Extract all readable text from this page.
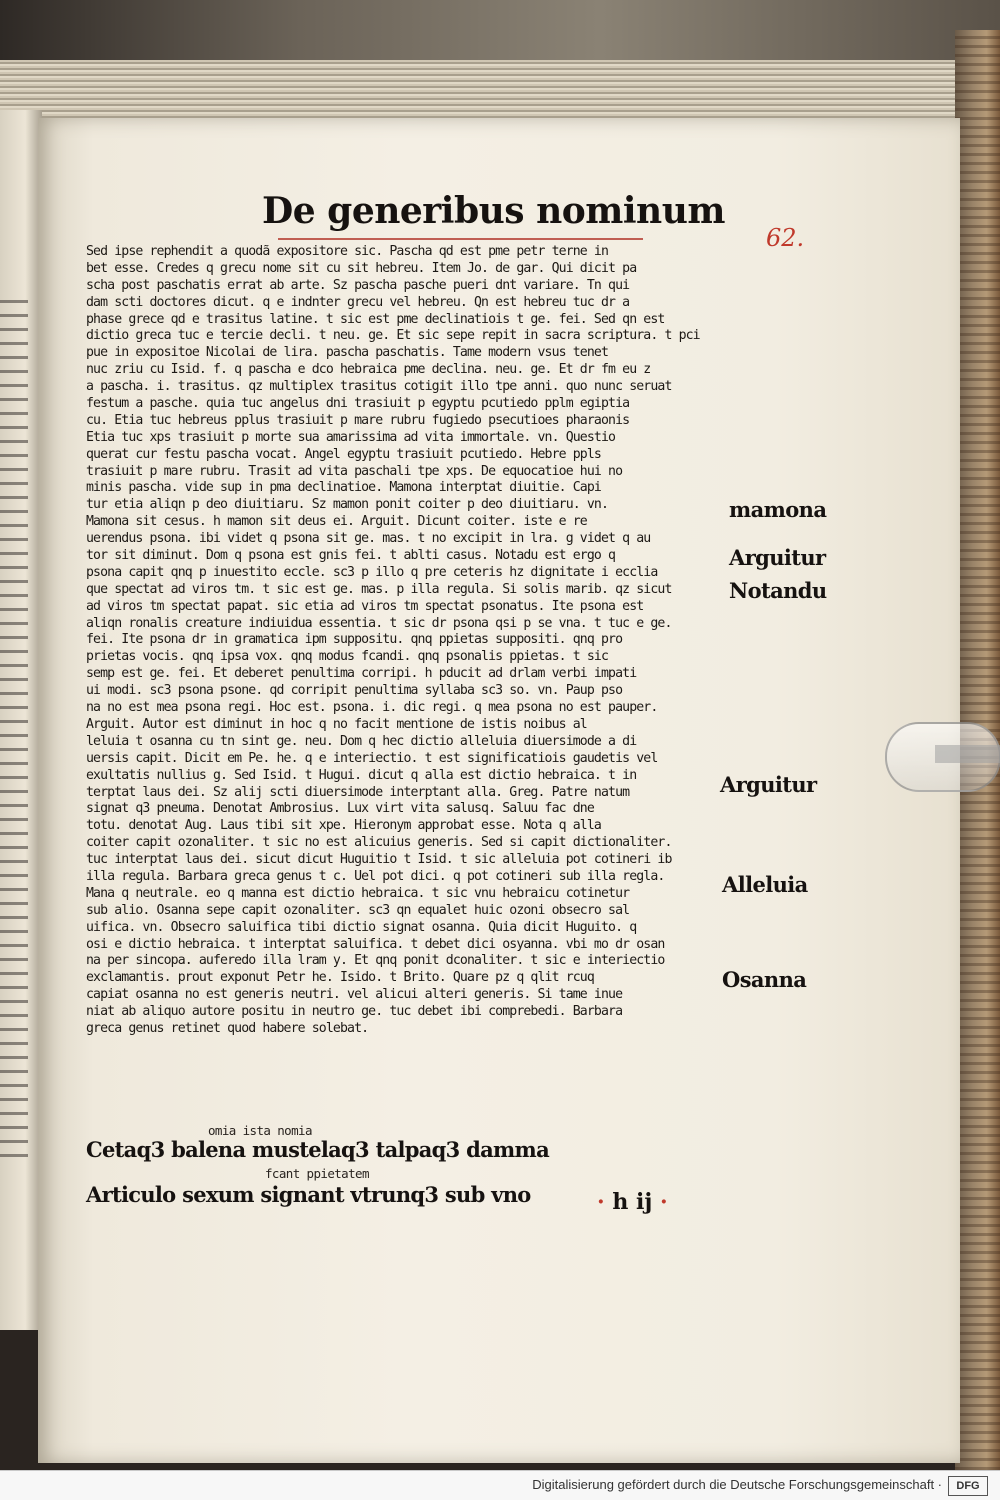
De generibus nominum
62.
Sed ipse rephendit a quodã expositore sic. Pascha qd est pme petr terne in
bet esse. Credes q grecu nome sit cu sit hebreu. Item Jo. de gar. Qui dicit pa
scha post paschatis errat ab arte. Sz pascha pasche pueri dnt variare. Tn qui
dam scti doctores dicut. q e indnter grecu vel hebreu. Qn est hebreu tuc dr a
phase grece qd e trasitus latine. t sic est pme declinatiois t ge. fei. Sed qn est
dictio greca tuc e tercie decli. t neu. ge. Et sic sepe repit in sacra scriptura. t pci
pue in expositoe Nicolai de lira. pascha paschatis. Tame modern vsus tenet
nuc zriu cu Isid. f. q pascha e dco hebraica pme declina. neu. ge. Et dr fm eu z
a pascha. i. trasitus. qz multiplex trasitus cotigit illo tpe anni. quo nunc seruat
festum a pasche. quia tuc angelus dni trasiuit p egyptu pcutiedo pplm egiptia
cu. Etia tuc hebreus pplus trasiuit p mare rubru fugiedo psecutioes pharaonis
Etia tuc xps trasiuit p morte sua amarissima ad vita immortale. vn. Questio
querat cur festu pascha vocat. Angel egyptu trasiuit pcutiedo. Hebre ppls
trasiuit p mare rubru. Trasit ad vita paschali tpe xps. De equocatioe hui no
minis pascha. vide sup in pma declinatioe. Mamona interptat diuitie. Capi
tur etia aliqn p deo diuitiaru. Sz mamon ponit coiter p deo diuitiaru. vn.
Mamona sit cesus. h mamon sit deus ei. Arguit. Dicunt coiter. iste e re
uerendus psona. ibi videt q psona sit ge. mas. t no excipit in lra. g videt q au
tor sit diminut. Dom q psona est gnis fei. t ablti casus. Notadu est ergo q
psona capit qnq p inuestito eccle. sc3 p illo q pre ceteris hz dignitate i ecclia
que spectat ad viros tm. t sic est ge. mas. p illa regula. Si solis marib. qz sicut
ad viros tm spectat papat. sic etia ad viros tm spectat psonatus. Ite psona est
aliqn ronalis creature indiuidua essentia. t sic dr psona qsi p se vna. t tuc e ge.
fei. Ite psona dr in gramatica ipm suppositu. qnq ppietas suppositi. qnq pro
prietas vocis. qnq ipsa vox. qnq modus fcandi. qnq psonalis ppietas. t sic
semp est ge. fei. Et deberet penultima corripi. h pducit ad drlam verbi impati
ui modi. sc3 psona psone. qd corripit penultima syllaba sc3 so. vn. Paup pso
na no est mea psona regi. Hoc est. psona. i. dic regi. q mea psona no est pauper.
Arguit. Autor est diminut in hoc q no facit mentione de istis noibus al
leluia t osanna cu tn sint ge. neu. Dom q hec dictio alleluia diuersimode a di
uersis capit. Dicit em Pe. he. q e interiectio. t est significatiois gaudetis vel
exultatis nullius g. Sed Isid. t Hugui. dicut q alla est dictio hebraica. t in
terptat laus dei. Sz alij scti diuersimode interptant alla. Greg. Patre natum
signat q3 pneuma. Denotat Ambrosius. Lux virt vita salusq. Saluu fac dne
totu. denotat Aug. Laus tibi sit xpe. Hieronym approbat esse. Nota q alla
coiter capit ozonaliter. t sic no est alicuius generis. Sed si capit dictionaliter.
tuc interptat laus dei. sicut dicut Huguitio t Isid. t sic alleluia pot cotineri ib
illa regula. Barbara greca genus t c. Uel pot dici. q pot cotineri sub illa regla.
Mana q neutrale. eo q manna est dictio hebraica. t sic vnu hebraicu cotinetur
sub alio. Osanna sepe capit ozonaliter. sc3 qn equalet huic ozoni obsecro sal
uifica. vn. Obsecro saluifica tibi dictio signat osanna. Quia dicit Huguito. q
osi e dictio hebraica. t interptat saluifica. t debet dici osyanna. vbi mo dr osan
na per sincopa. auferedo illa lram y. Et qnq ponit dconaliter. t sic e interiectio
exclamantis. prout exponut Petr he. Isido. t Brito. Quare pz q qlit rcuq
capiat osanna no est generis neutri. vel alicui alteri generis. Si tame inue
niat ab aliquo autore positu in neutro ge. tuc debet ibi comprebedi. Barbara
greca genus retinet quod habere solebat.
mamona
Arguitur
Notandu
Arguitur
Alleluia
Osanna
omia ista nomia
Cetaq3 balena mustelaq3 talpaq3 damma
fcant ppietatem
Articulo sexum signant vtrunq3 sub vno	· h ij ·
Digitalisierung gefördert durch die Deutsche Forschungsgemeinschaft ·	DFG
